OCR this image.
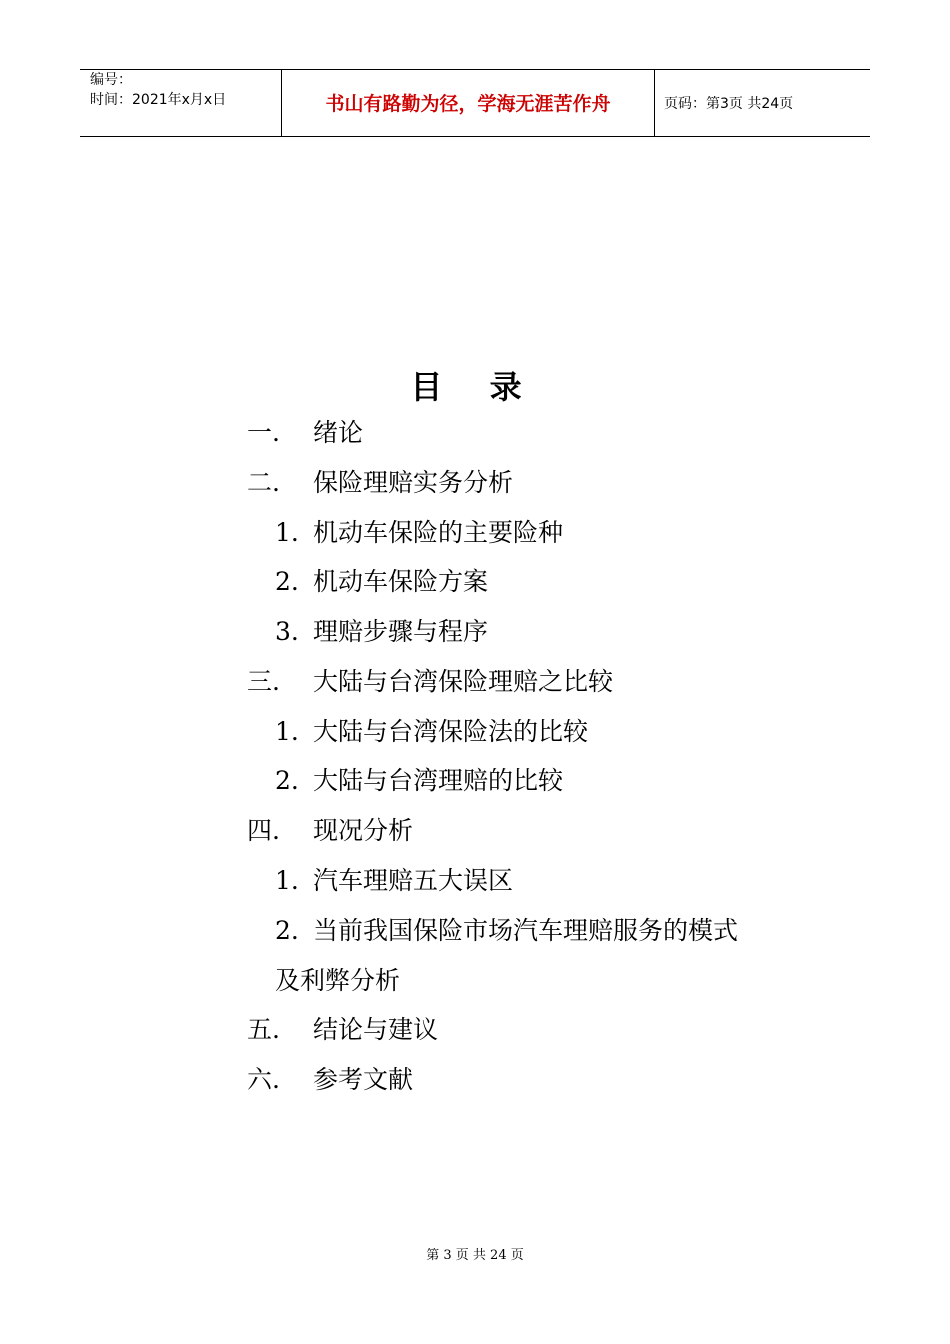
编号：
时间：2021年x月x日	书山有路勤为径，学海无涯苦作舟	页码：第3页 共24页
目 录
一. 绪论
二. 保险理赔实务分析
1. 机动车保险的主要险种
2. 机动车保险方案
3. 理赔步骤与程序
三. 大陆与台湾保险理赔之比较
1. 大陆与台湾保险法的比较
2. 大陆与台湾理赔的比较
四. 现况分析
1. 汽车理赔五大误区
2. 当前我国保险市场汽车理赔服务的模式
及利弊分析
五. 结论与建议
六. 参考文献
第 3 页 共 24 页
